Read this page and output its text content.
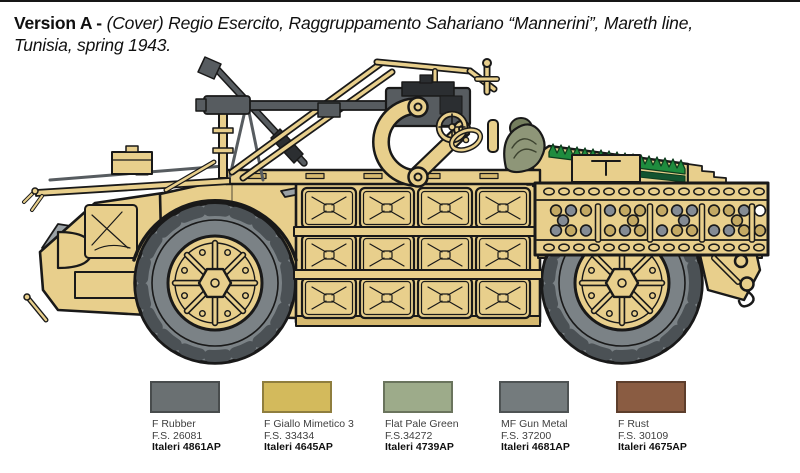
Version A - (Cover) Regio Esercito, Raggruppamento Sahariano “Mannerini”, Mareth line,
Tunisia, spring 1943.
F Rubber
F.S. 26081
Italeri 4861AP
F Giallo Mimetico 3
F.S. 33434
Italeri 4645AP
Flat Pale Green
F.S.34272
Italeri 4739AP
MF Gun Metal
F.S. 37200
Italeri 4681AP
F Rust
F.S. 30109
Italeri 4675AP
